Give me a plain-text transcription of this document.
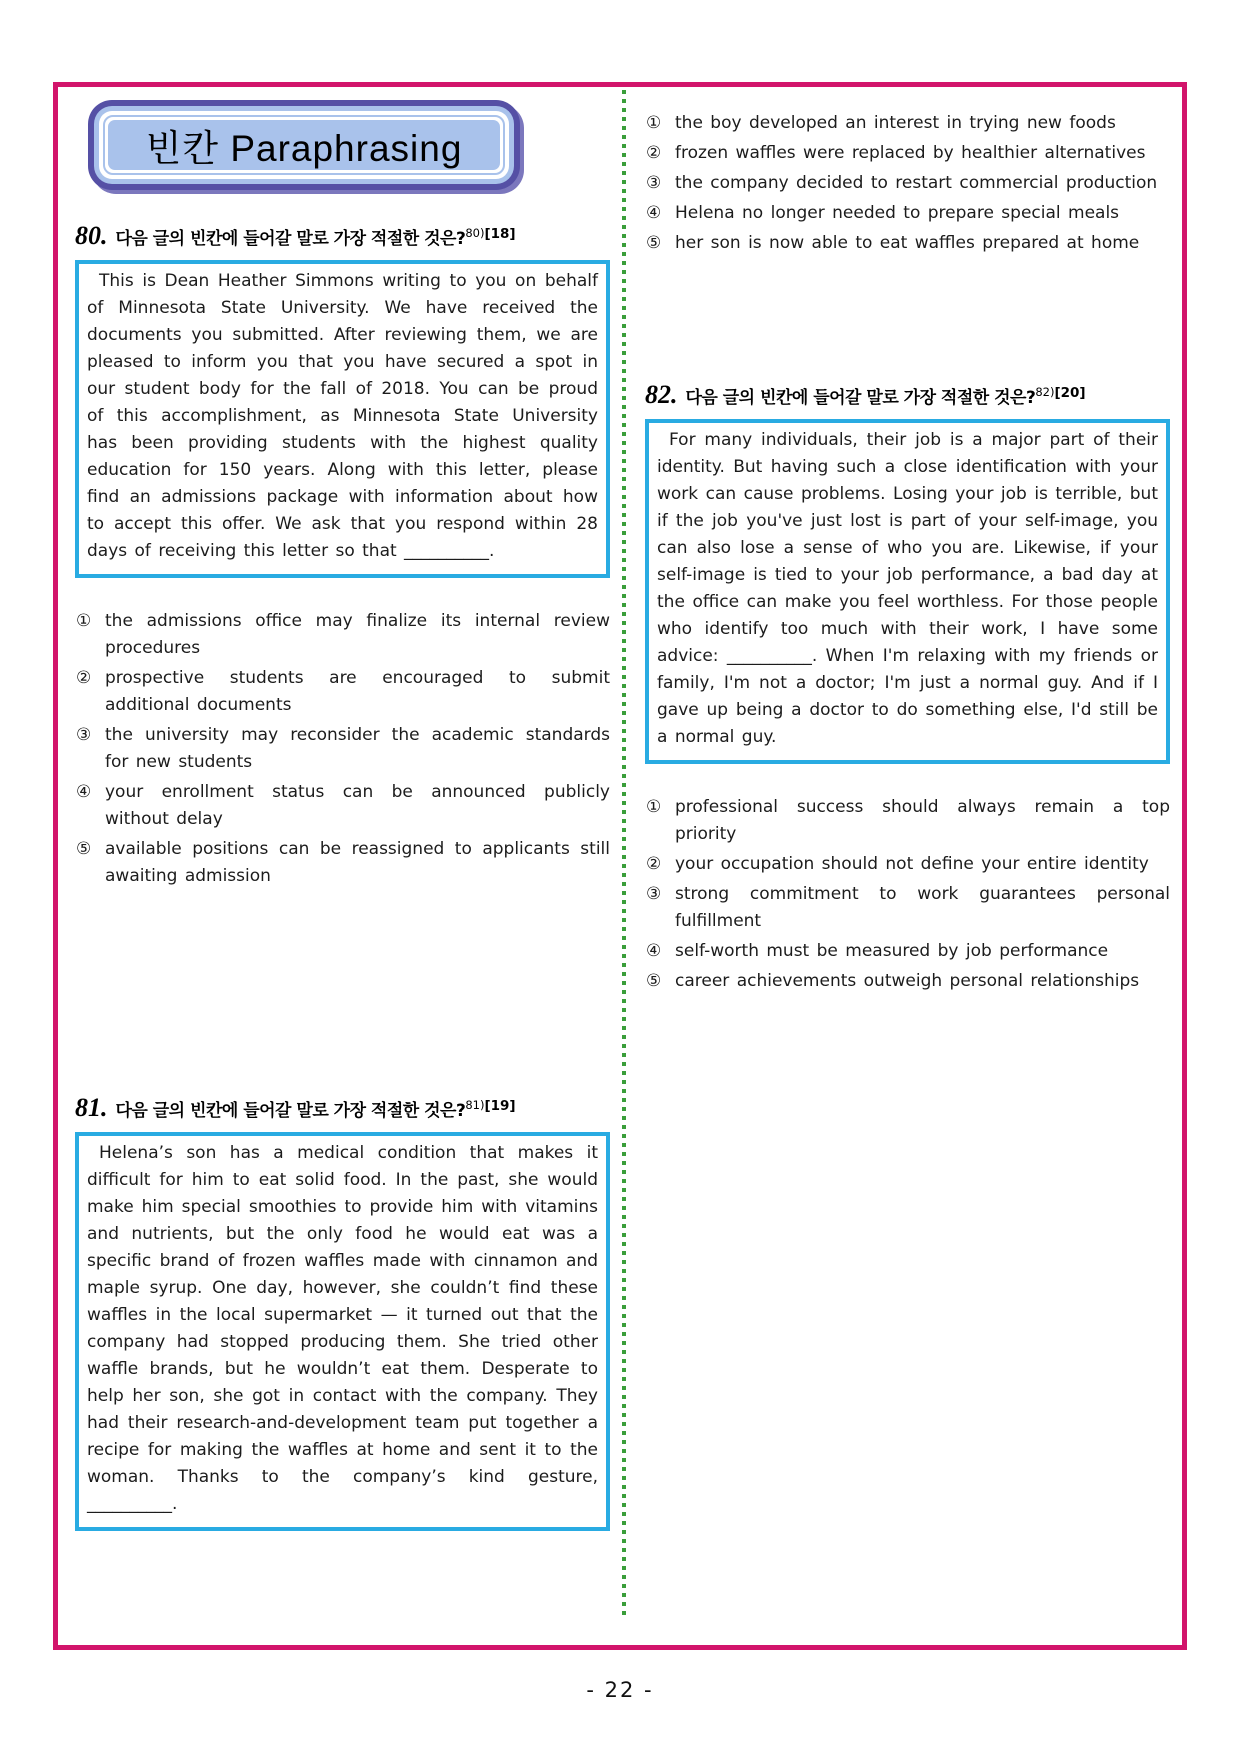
빈칸 Paraphrasing
80. 다음 글의 빈칸에 들어갈 말로 가장 적절한 것은?$^{80)[18]}$

This is Dean Heather Simmons writing to you on behalf of Minnesota State University. We have received the documents you submitted. After reviewing them, we are pleased to inform you that you have secured a spot in our student body for the fall of 2018. You can be proud of this accomplishment, as Minnesota State University has been providing students with the highest quality education for 150 years. Along with this letter, please find an admissions package with information about how to accept this offer. We ask that you respond within 28 days of receiving this letter so that __________.

① the admissions office may finalize its internal review procedures
② prospective students are encouraged to submit additional documents
③ the university may reconsider the academic standards for new students
④ your enrollment status can be announced publicly without delay
⑤ available positions can be reassigned to applicants still awaiting admission
81. 다음 글의 빈칸에 들어갈 말로 가장 적절한 것은?$^{81)[19]}$

Helena’s son has a medical condition that makes it difficult for him to eat solid food. In the past, she would make him special smoothies to provide him with vitamins and nutrients, but the only food he would eat was a specific brand of frozen waffles made with cinnamon and maple syrup. One day, however, she couldn’t find these waffles in the local supermarket — it turned out that the company had stopped producing them. She tried other waffle brands, but he wouldn’t eat them. Desperate to help her son, she got in contact with the company. They had their research-and-development team put together a recipe for making the waffles at home and sent it to the woman. Thanks to the company’s kind gesture, __________.

① the boy developed an interest in trying new foods
② frozen waffles were replaced by healthier alternatives
③ the company decided to restart commercial production
④ Helena no longer needed to prepare special meals
⑤ her son is now able to eat waffles prepared at home
82. 다음 글의 빈칸에 들어갈 말로 가장 적절한 것은?$^{82)[20]}$

For many individuals, their job is a major part of their identity. But having such a close identification with your work can cause problems. Losing your job is terrible, but if the job you've just lost is part of your self-image, you can also lose a sense of who you are. Likewise, if your self-image is tied to your job performance, a bad day at the office can make you feel worthless. For those people who identify too much with their work, I have some advice: __________. When I'm relaxing with my friends or family, I'm not a doctor; I'm just a normal guy. And if I gave up being a doctor to do something else, I'd still be a normal guy.

① professional success should always remain a top priority
② your occupation should not define your entire identity
③ strong commitment to work guarantees personal fulfillment
④ self-worth must be measured by job performance
⑤ career achievements outweigh personal relationships
- 22 -
